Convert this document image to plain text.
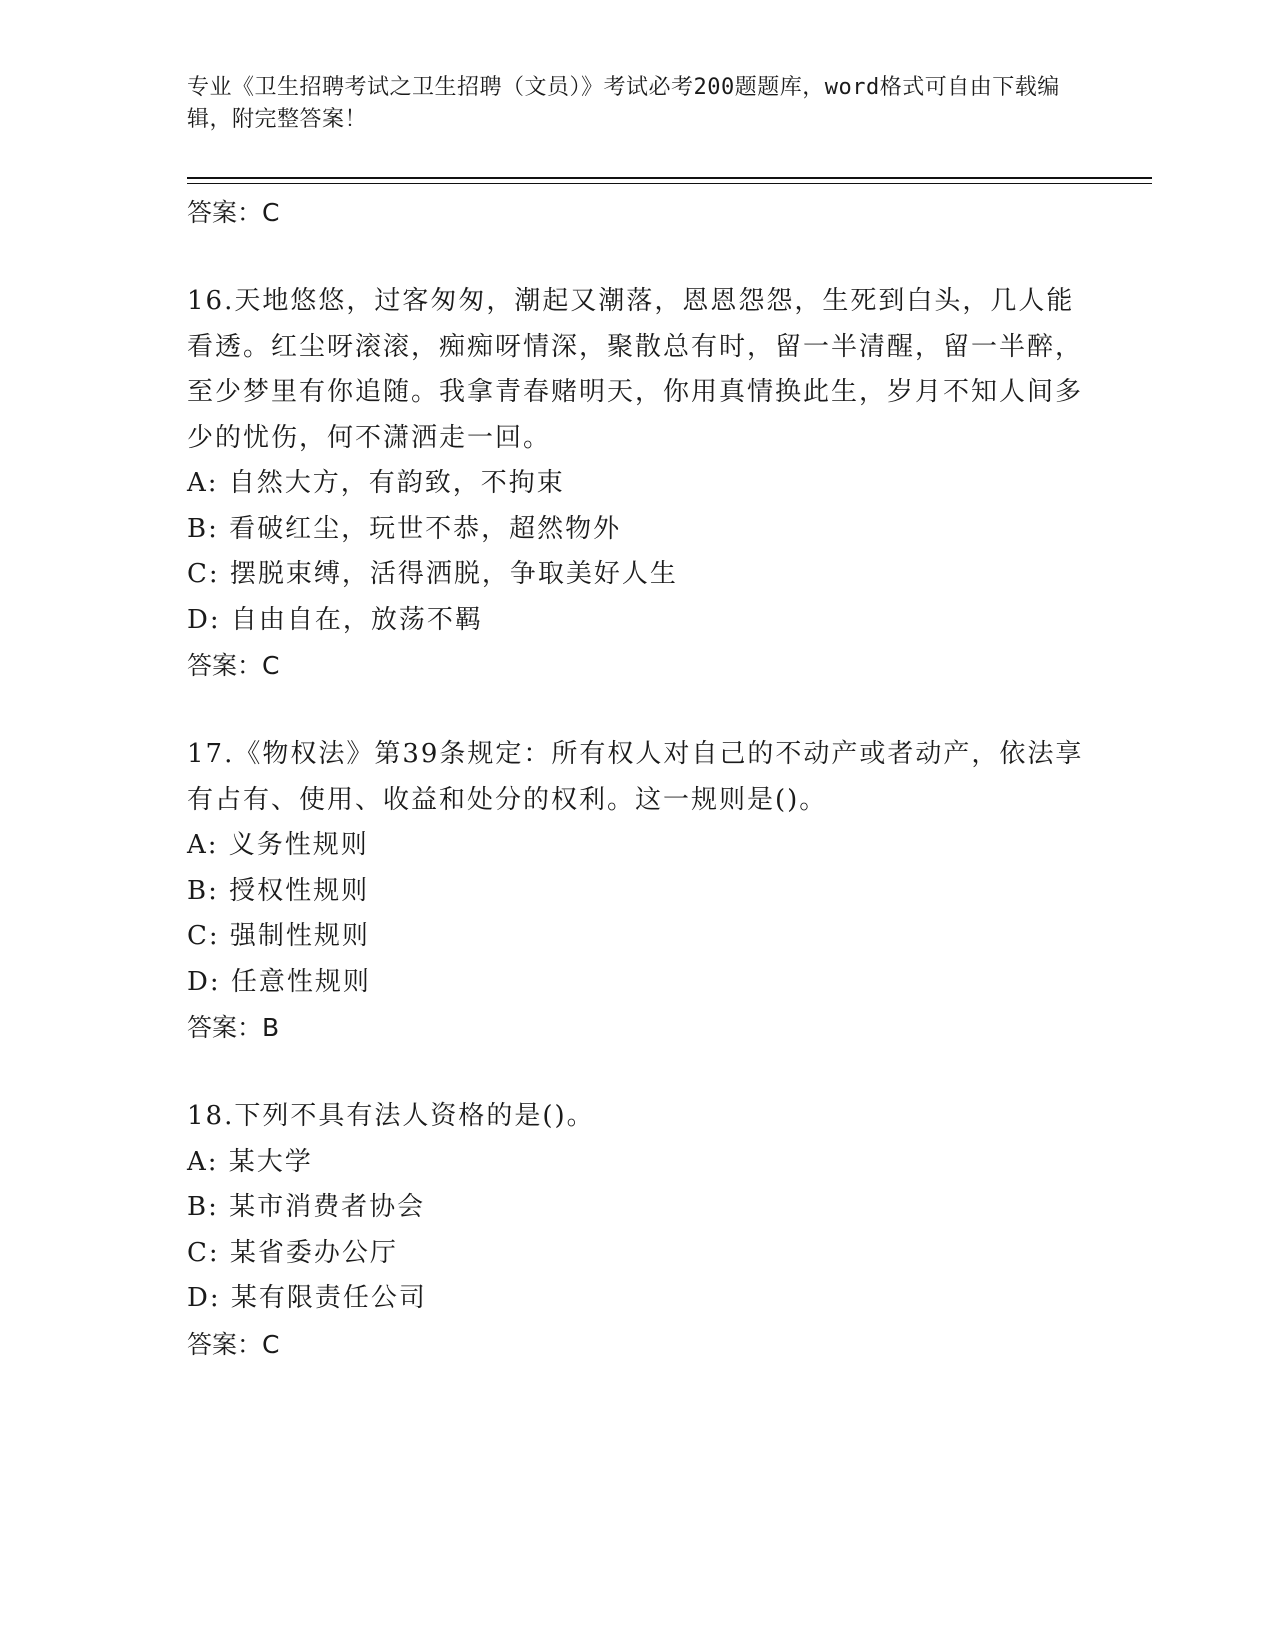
专业《卫生招聘考试之卫生招聘（文员）》考试必考200题题库，word格式可自由下载编辑，附完整答案！
答案：C
16.天地悠悠，过客匆匆，潮起又潮落，恩恩怨怨，生死到白头，几人能看透。红尘呀滚滚，痴痴呀情深，聚散总有时，留一半清醒，留一半醉，至少梦里有你追随。我拿青春赌明天，你用真情换此生，岁月不知人间多少的忧伤，何不潇洒走一回。
A: 自然大方，有韵致，不拘束
B: 看破红尘，玩世不恭，超然物外
C: 摆脱束缚，活得洒脱，争取美好人生
D: 自由自在，放荡不羁
答案：C
17.《物权法》第39条规定：所有权人对自己的不动产或者动产，依法享有占有、使用、收益和处分的权利。这一规则是()。
A: 义务性规则
B: 授权性规则
C: 强制性规则
D: 任意性规则
答案：B
18.下列不具有法人资格的是()。
A: 某大学
B: 某市消费者协会
C: 某省委办公厅
D: 某有限责任公司
答案：C
